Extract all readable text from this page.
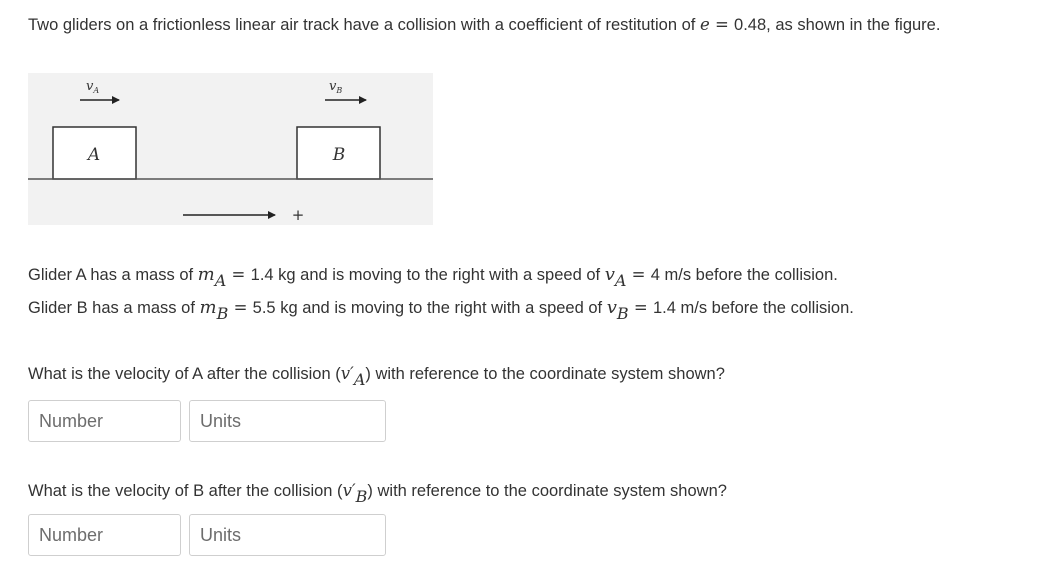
Two gliders on a frictionless linear air track have a collision with a coefficient of restitution of e = 0.48, as shown in the figure.
$v_A$	$v_B$
A	B
+
Glider A has a mass of mA = 1.4 kg and is moving to the right with a speed of vA = 4 m/s before the collision.
Glider B has a mass of mB = 5.5 kg and is moving to the right with a speed of vB = 1.4 m/s before the collision.
What is the velocity of A after the collision (v′A) with reference to the coordinate system shown?
Number
Units
What is the velocity of B after the collision (v′B) with reference to the coordinate system shown?
Number
Units
